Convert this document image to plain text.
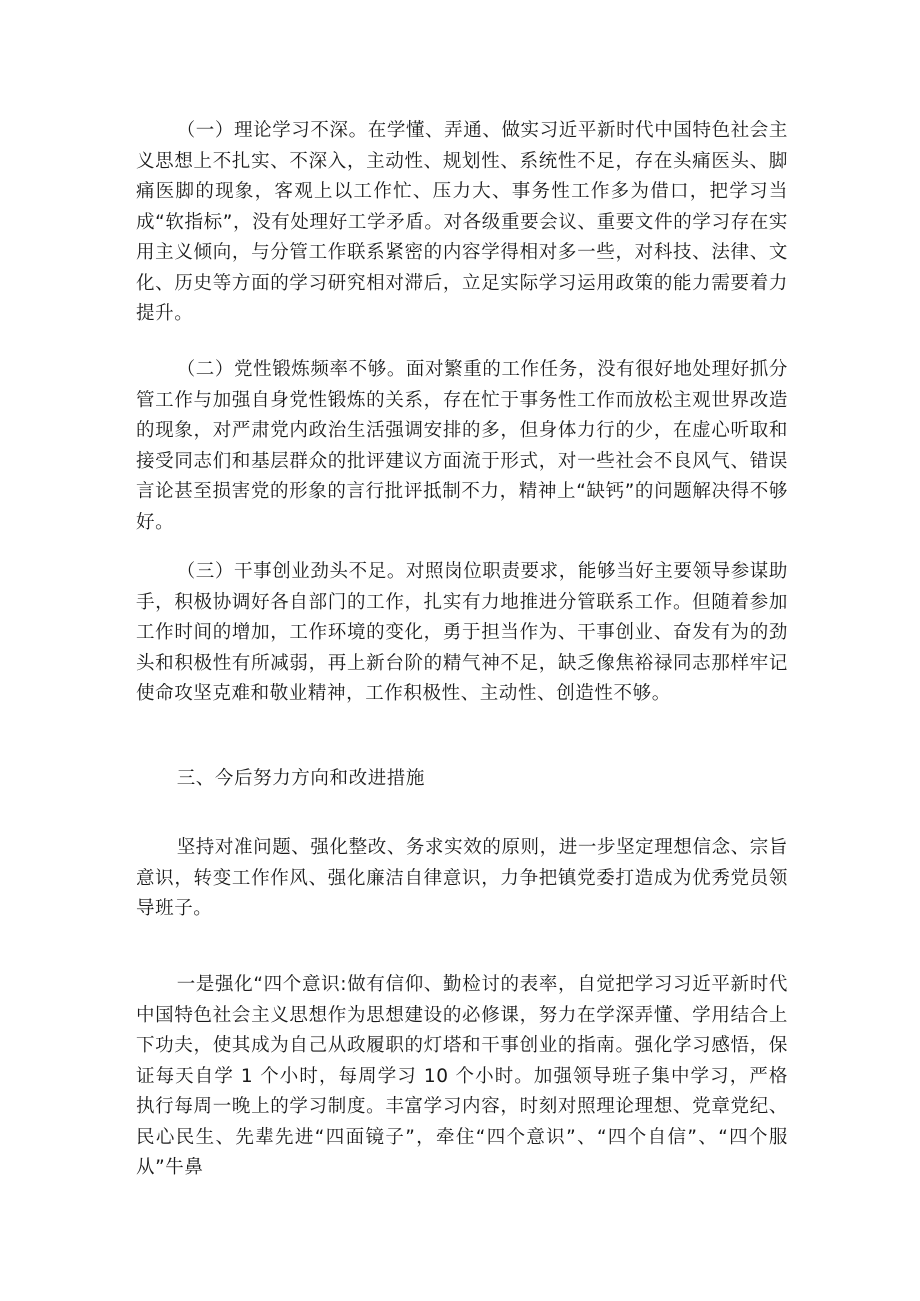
（一）理论学习不深。在学懂、弄通、做实习近平新时代中国特色社会主义思想上不扎实、不深入，主动性、规划性、系统性不足，存在头痛医头、脚痛医脚的现象，客观上以工作忙、压力大、事务性工作多为借口，把学习当成“软指标”，没有处理好工学矛盾。对各级重要会议、重要文件的学习存在实用主义倾向，与分管工作联系紧密的内容学得相对多一些，对科技、法律、文化、历史等方面的学习研究相对滞后，立足实际学习运用政策的能力需要着力提升。

（二）党性锻炼频率不够。面对繁重的工作任务，没有很好地处理好抓分管工作与加强自身党性锻炼的关系，存在忙于事务性工作而放松主观世界改造的现象，对严肃党内政治生活强调安排的多，但身体力行的少，在虚心听取和接受同志们和基层群众的批评建议方面流于形式，对一些社会不良风气、错误言论甚至损害党的形象的言行批评抵制不力，精神上“缺钙”的问题解决得不够好。

（三）干事创业劲头不足。对照岗位职责要求，能够当好主要领导参谋助手，积极协调好各自部门的工作，扎实有力地推进分管联系工作。但随着参加工作时间的增加，工作环境的变化，勇于担当作为、干事创业、奋发有为的劲头和积极性有所减弱，再上新台阶的精气神不足，缺乏像焦裕禄同志那样牢记使命攻坚克难和敬业精神，工作积极性、主动性、创造性不够。

三、今后努力方向和改进措施

坚持对准问题、强化整改、务求实效的原则，进一步坚定理想信念、宗旨意识，转变工作作风、强化廉洁自律意识，力争把镇党委打造成为优秀党员领导班子。

一是强化“四个意识:做有信仰、勤检讨的表率，自觉把学习习近平新时代中国特色社会主义思想作为思想建设的必修课，努力在学深弄懂、学用结合上下功夫，使其成为自己从政履职的灯塔和干事创业的指南。强化学习感悟，保证每天自学 1 个小时，每周学习 10 个小时。加强领导班子集中学习，严格执行每周一晚上的学习制度。丰富学习内容，时刻对照理论理想、党章党纪、民心民生、先辈先进“四面镜子”，牵住“四个意识”、“四个自信”、“四个服从”牛鼻
